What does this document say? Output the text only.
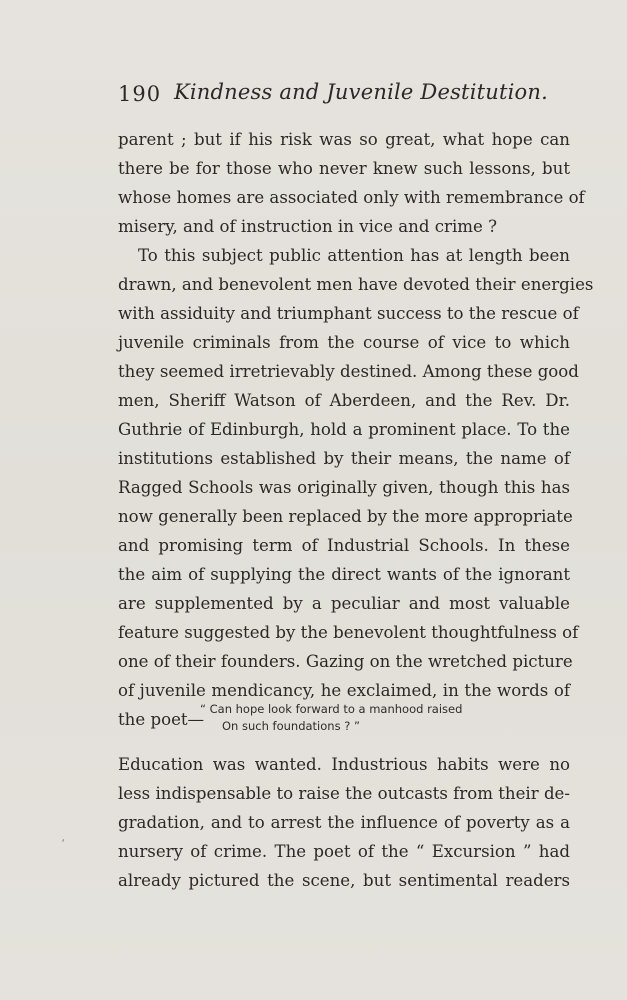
190 Kindness and Juvenile Destitution.
parent ; but if his risk was so great, what hope can
there be for those who never knew such lessons, but
whose homes are associated only with remembrance of
misery, and of instruction in vice and crime ?
To this subject public attention has at length been
drawn, and benevolent men have devoted their energies
with assiduity and triumphant success to the rescue of
juvenile criminals from the course of vice to which
they seemed irretrievably destined. Among these good
men, Sheriff Watson of Aberdeen, and the Rev. Dr.
Guthrie of Edinburgh, hold a prominent place. To the
institutions established by their means, the name of
Ragged Schools was originally given, though this has
now generally been replaced by the more appropriate
and promising term of Industrial Schools. In these
the aim of supplying the direct wants of the ignorant
are supplemented by a peculiar and most valuable
feature suggested by the benevolent thoughtfulness of
one of their founders. Gazing on the wretched picture
of juvenile mendicancy, he exclaimed, in the words of
the poet—
“ Can hope look forward to a manhood raised
On such foundations ? ”
Education was wanted. Industrious habits were no
less indispensable to raise the outcasts from their de-
gradation, and to arrest the influence of poverty as a
nursery of crime. The poet of the “ Excursion ” had
already pictured the scene, but sentimental readers
⸴
